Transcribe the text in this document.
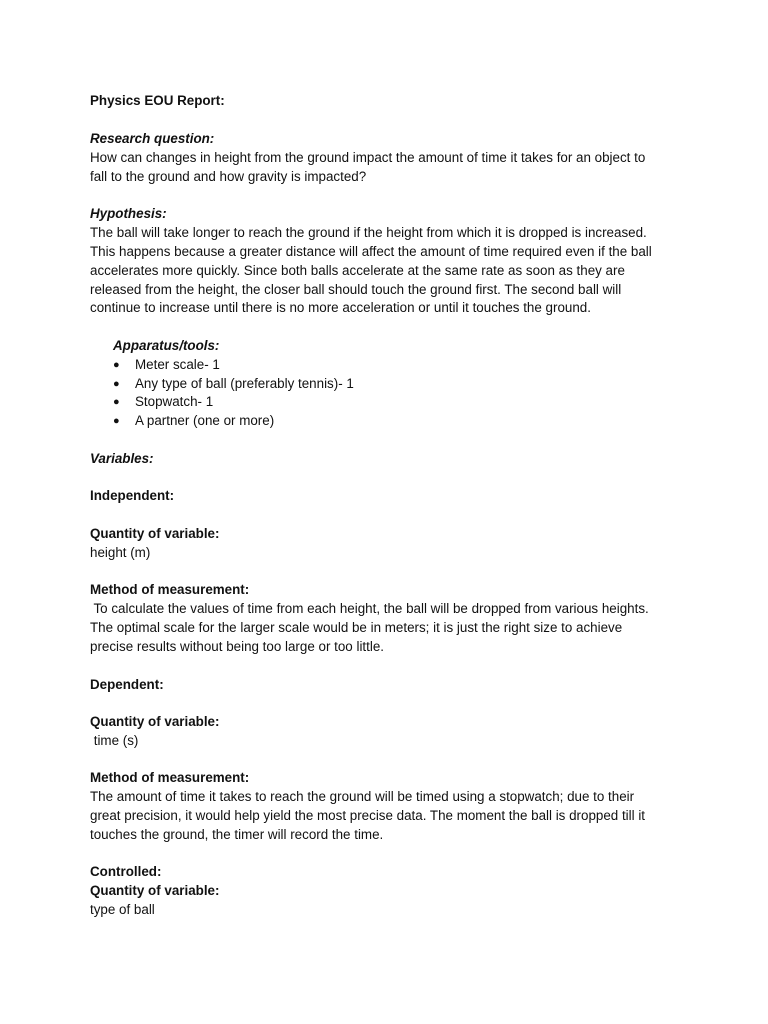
Physics EOU Report:
Research question:
How can changes in height from the ground impact the amount of time it takes for an object to
fall to the ground and how gravity is impacted?
Hypothesis:
The ball will take longer to reach the ground if the height from which it is dropped is increased.
This happens because a greater distance will affect the amount of time required even if the ball
accelerates more quickly. Since both balls accelerate at the same rate as soon as they are
released from the height, the closer ball should touch the ground first. The second ball will
continue to increase until there is no more acceleration or until it touches the ground.
Apparatus/tools:
● Meter scale- 1
● Any type of ball (preferably tennis)- 1
● Stopwatch- 1
● A partner (one or more)
Variables:
Independent:
Quantity of variable:
height (m)
Method of measurement:
To calculate the values of time from each height, the ball will be dropped from various heights.
The optimal scale for the larger scale would be in meters; it is just the right size to achieve
precise results without being too large or too little.
Dependent:
Quantity of variable:
time (s)
Method of measurement:
The amount of time it takes to reach the ground will be timed using a stopwatch; due to their
great precision, it would help yield the most precise data. The moment the ball is dropped till it
touches the ground, the timer will record the time.
Controlled:
Quantity of variable:
type of ball
